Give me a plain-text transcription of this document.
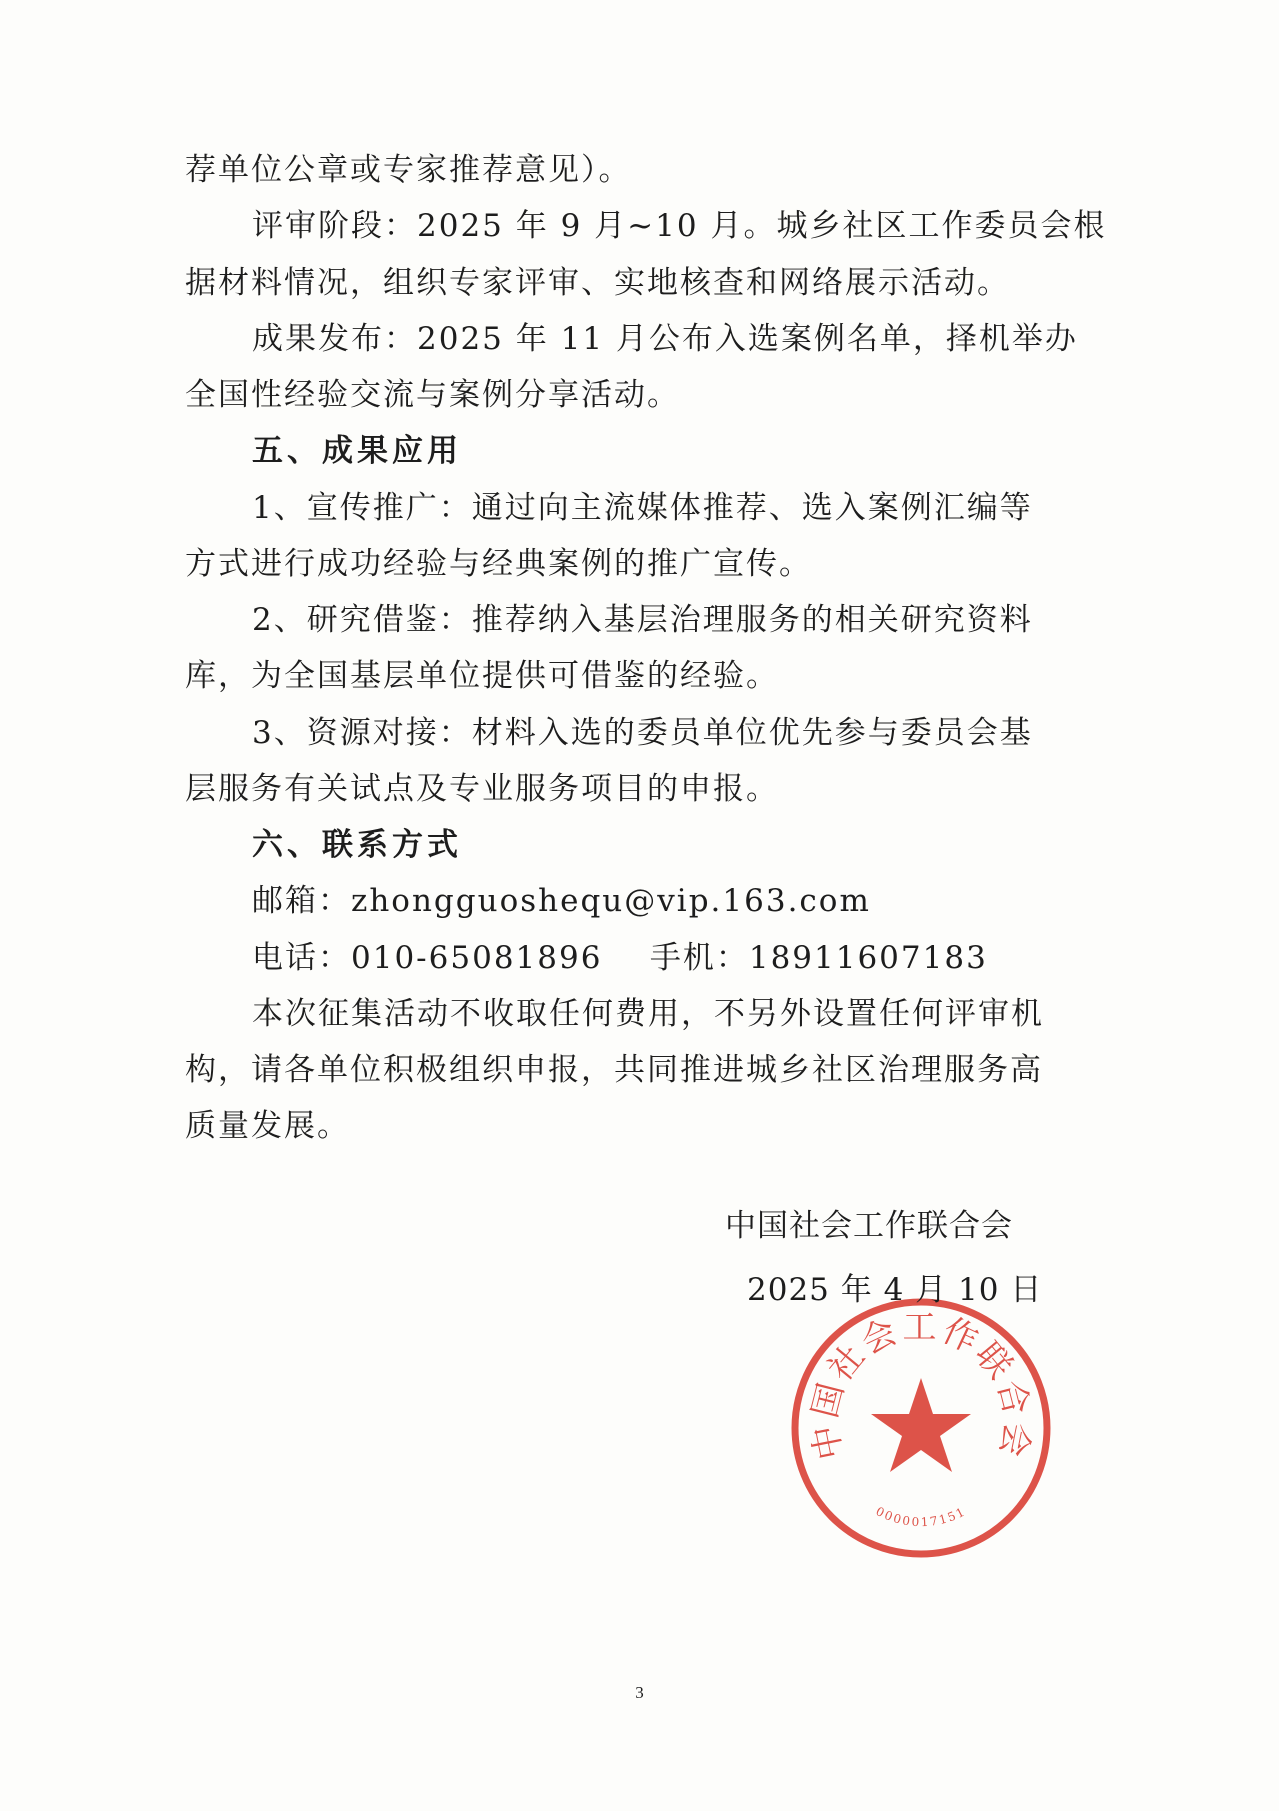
荐单位公章或专家推荐意见）。
评审阶段：2025 年 9 月~10 月。城乡社区工作委员会根
据材料情况，组织专家评审、实地核查和网络展示活动。
成果发布：2025 年 11 月公布入选案例名单，择机举办
全国性经验交流与案例分享活动。
五、成果应用
1、宣传推广：通过向主流媒体推荐、选入案例汇编等
方式进行成功经验与经典案例的推广宣传。
2、研究借鉴：推荐纳入基层治理服务的相关研究资料
库，为全国基层单位提供可借鉴的经验。
3、资源对接：材料入选的委员单位优先参与委员会基
层服务有关试点及专业服务项目的申报。
六、联系方式
邮箱：zhongguoshequ@vip.163.com
电话：010-65081896    手机：18911607183
本次征集活动不收取任何费用，不另外设置任何评审机
构，请各单位积极组织申报，共同推进城乡社区治理服务高
质量发展。
中国社会工作联合会
0000017151
中国社会工作联合会
2025 年 4 月 10 日
3
